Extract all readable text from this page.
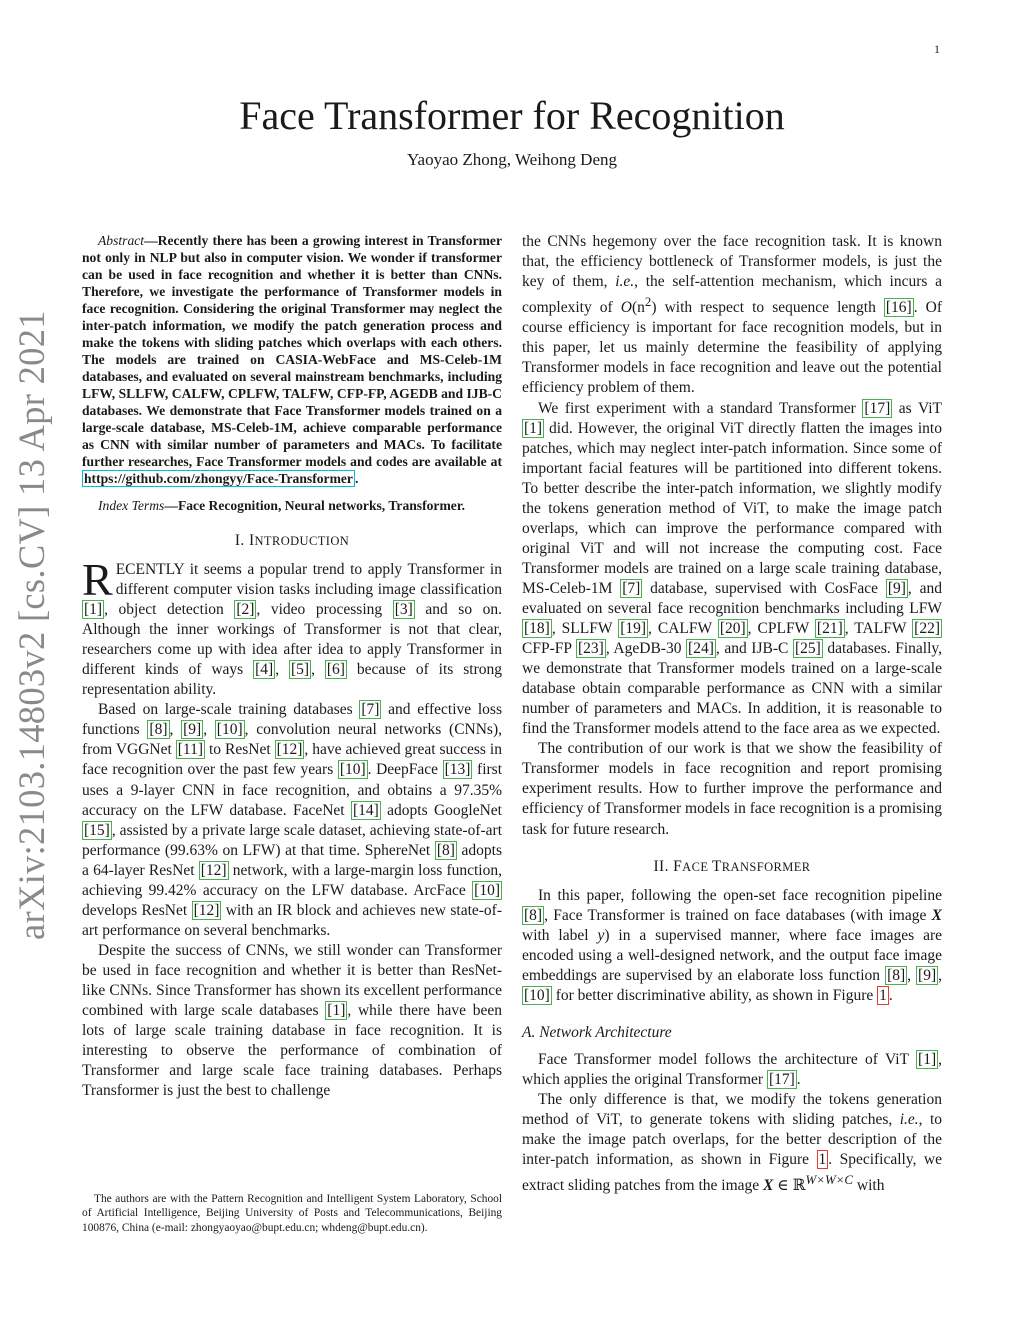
1
arXiv:2103.14803v2 [cs.CV] 13 Apr 2021
Face Transformer for Recognition
Yaoyao Zhong, Weihong Deng

Abstract—Recently there has been a growing interest in Transformer not only in NLP but also in computer vision. We wonder if transformer can be used in face recognition and whether it is better than CNNs. Therefore, we investigate the performance of Transformer models in face recognition. Considering the original Transformer may neglect the inter-patch information, we modify the patch generation process and make the tokens with sliding patches which overlaps with each others. The models are trained on CASIA-WebFace and MS-Celeb-1M databases, and evaluated on several mainstream benchmarks, including LFW, SLLFW, CALFW, CPLFW, TALFW, CFP-FP, AGEDB and IJB-C databases. We demonstrate that Face Transformer models trained on a large-scale database, MS-Celeb-1M, achieve comparable performance as CNN with similar number of parameters and MACs. To facilitate further researches, Face Transformer models and codes are available at https://github.com/zhongyy/Face-Transformer .

Index Terms—Face Recognition, Neural networks, Transformer.

I. INTRODUCTION

RECENTLY it seems a popular trend to apply Transformer in different computer vision tasks including image classification [1] , object detection [2] , video processing [3] and so on. Although the inner workings of Transformer is not that clear, researchers come up with idea after idea to apply Transformer in different kinds of ways [4] , [5] , [6] because of its strong representation ability.

Based on large-scale training databases [7] and effective loss functions [8] , [9] , [10] , convolution neural networks (CNNs), from VGGNet [11] to ResNet [12] , have achieved great success in face recognition over the past few years [10] . DeepFace [13] first uses a 9-layer CNN in face recognition, and obtains a 97.35% accuracy on the LFW database. FaceNet [14] adopts GoogleNet [15] , assisted by a private large scale dataset, achieving state-of-art performance (99.63% on LFW) at that time. SphereNet [8] adopts a 64-layer ResNet [12] network, with a large-margin loss function, achieving 99.42% accuracy on the LFW database. ArcFace [10] develops ResNet [12] with an IR block and achieves new state-of-art performance on several benchmarks.

Despite the success of CNNs, we still wonder can Transformer be used in face recognition and whether it is better than ResNet-like CNNs. Since Transformer has shown its excellent performance combined with large scale databases [1] , while there have been lots of large scale training database in face recognition. It is interesting to observe the performance of combination of Transformer and large scale face training databases. Perhaps Transformer is just the best to challenge

The authors are with the Pattern Recognition and Intelligent System Laboratory, School of Artificial Intelligence, Beijing University of Posts and Telecommunications, Beijing 100876, China (e-mail: zhongyaoyao@bupt.edu.cn; whdeng@bupt.edu.cn).

the CNNs hegemony over the face recognition task. It is known that, the efficiency bottleneck of Transformer models, is just the key of them, i.e., the self-attention mechanism, which incurs a complexity of $O(n^2)$ with respect to sequence length [16] . Of course efficiency is important for face recognition models, but in this paper, let us mainly determine the feasibility of applying Transformer models in face recognition and leave out the potential efficiency problem of them.

We first experiment with a standard Transformer [17] as ViT [1] did. However, the original ViT directly flatten the images into patches, which may neglect inter-patch information. Since some of important facial features will be partitioned into different tokens. To better describe the inter-patch information, we slightly modify the tokens generation method of ViT, to make the image patch overlaps, which can improve the performance compared with original ViT and will not increase the computing cost. Face Transformer models are trained on a large scale training database, MS-Celeb-1M [7] database, supervised with CosFace [9] , and evaluated on several face recognition benchmarks including LFW [18] , SLLFW [19] , CALFW [20] , CPLFW [21] , TALFW [22] CFP-FP [23] , AgeDB-30 [24] , and IJB-C [25] databases. Finally, we demonstrate that Transformer models trained on a large-scale database obtain comparable performance as CNN with a similar number of parameters and MACs. In addition, it is reasonable to find the Transformer models attend to the face area as we expected.

The contribution of our work is that we show the feasibility of Transformer models in face recognition and report promising experiment results. How to further improve the performance and efficiency of Transformer models in face recognition is a promising task for future research.

II. FACE TRANSFORMER

In this paper, following the open-set face recognition pipeline [8] , Face Transformer is trained on face databases (with image X with label y) in a supervised manner, where face images are encoded using a well-designed network, and the output face image embeddings are supervised by an elaborate loss function [8] , [9] , [10] for better discriminative ability, as shown in Figure 1 .

A. Network Architecture

Face Transformer model follows the architecture of ViT [1] , which applies the original Transformer [17] .

The only difference is that, we modify the tokens generation method of ViT, to generate tokens with sliding patches, i.e., to make the image patch overlaps, for the better description of the inter-patch information, as shown in Figure 1 . Specifically, we extract sliding patches from the image X ∈ ℝ$^{W\times W\times C}$ with
